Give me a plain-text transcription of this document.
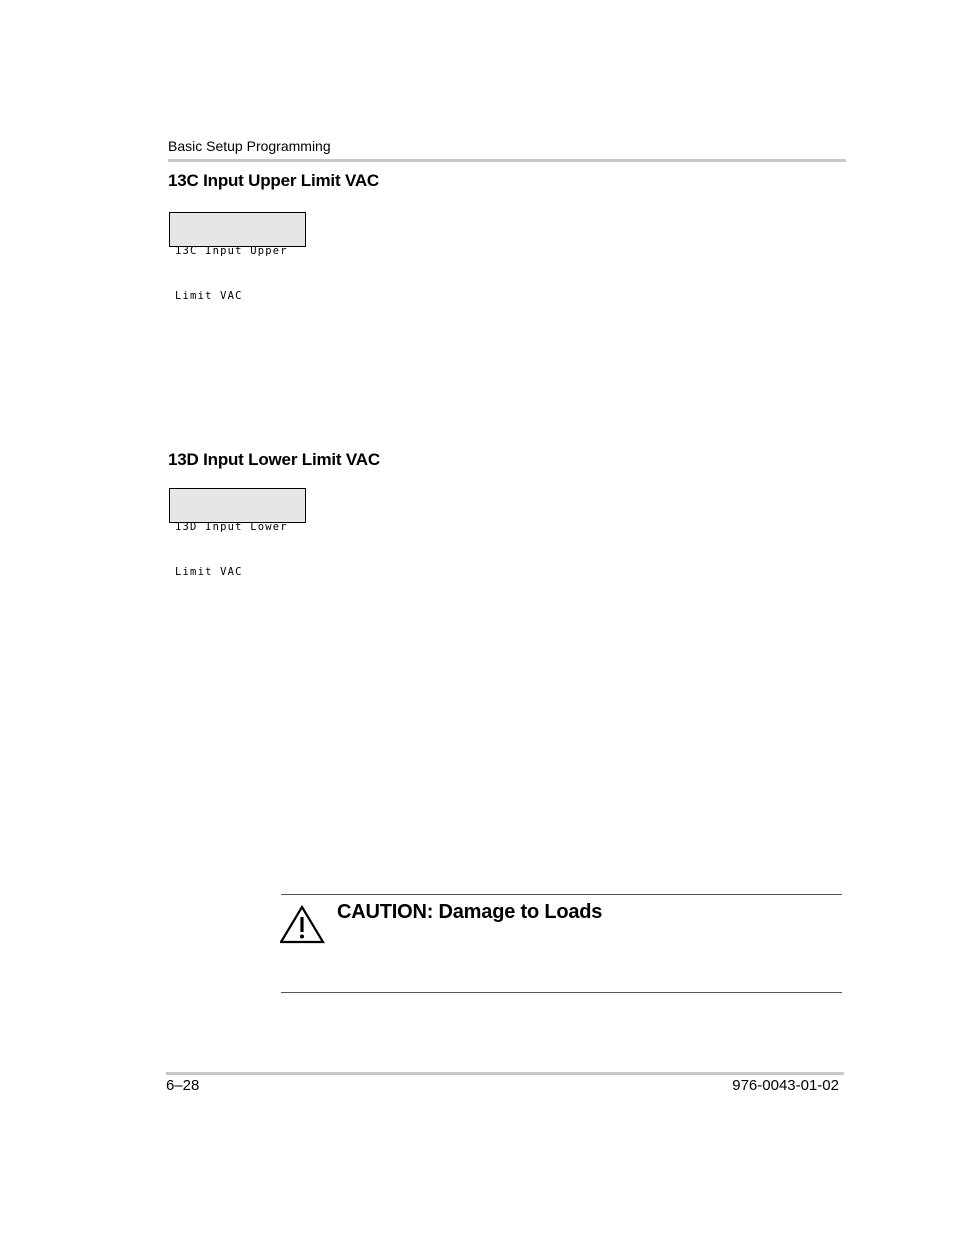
Basic Setup Programming
13C Input Upper Limit VAC

13C Input Upper

Limit VAC

13D Input Lower Limit VAC

13D Input Lower

Limit VAC

CAUTION: Damage to Loads
6–28	976-0043-01-02
